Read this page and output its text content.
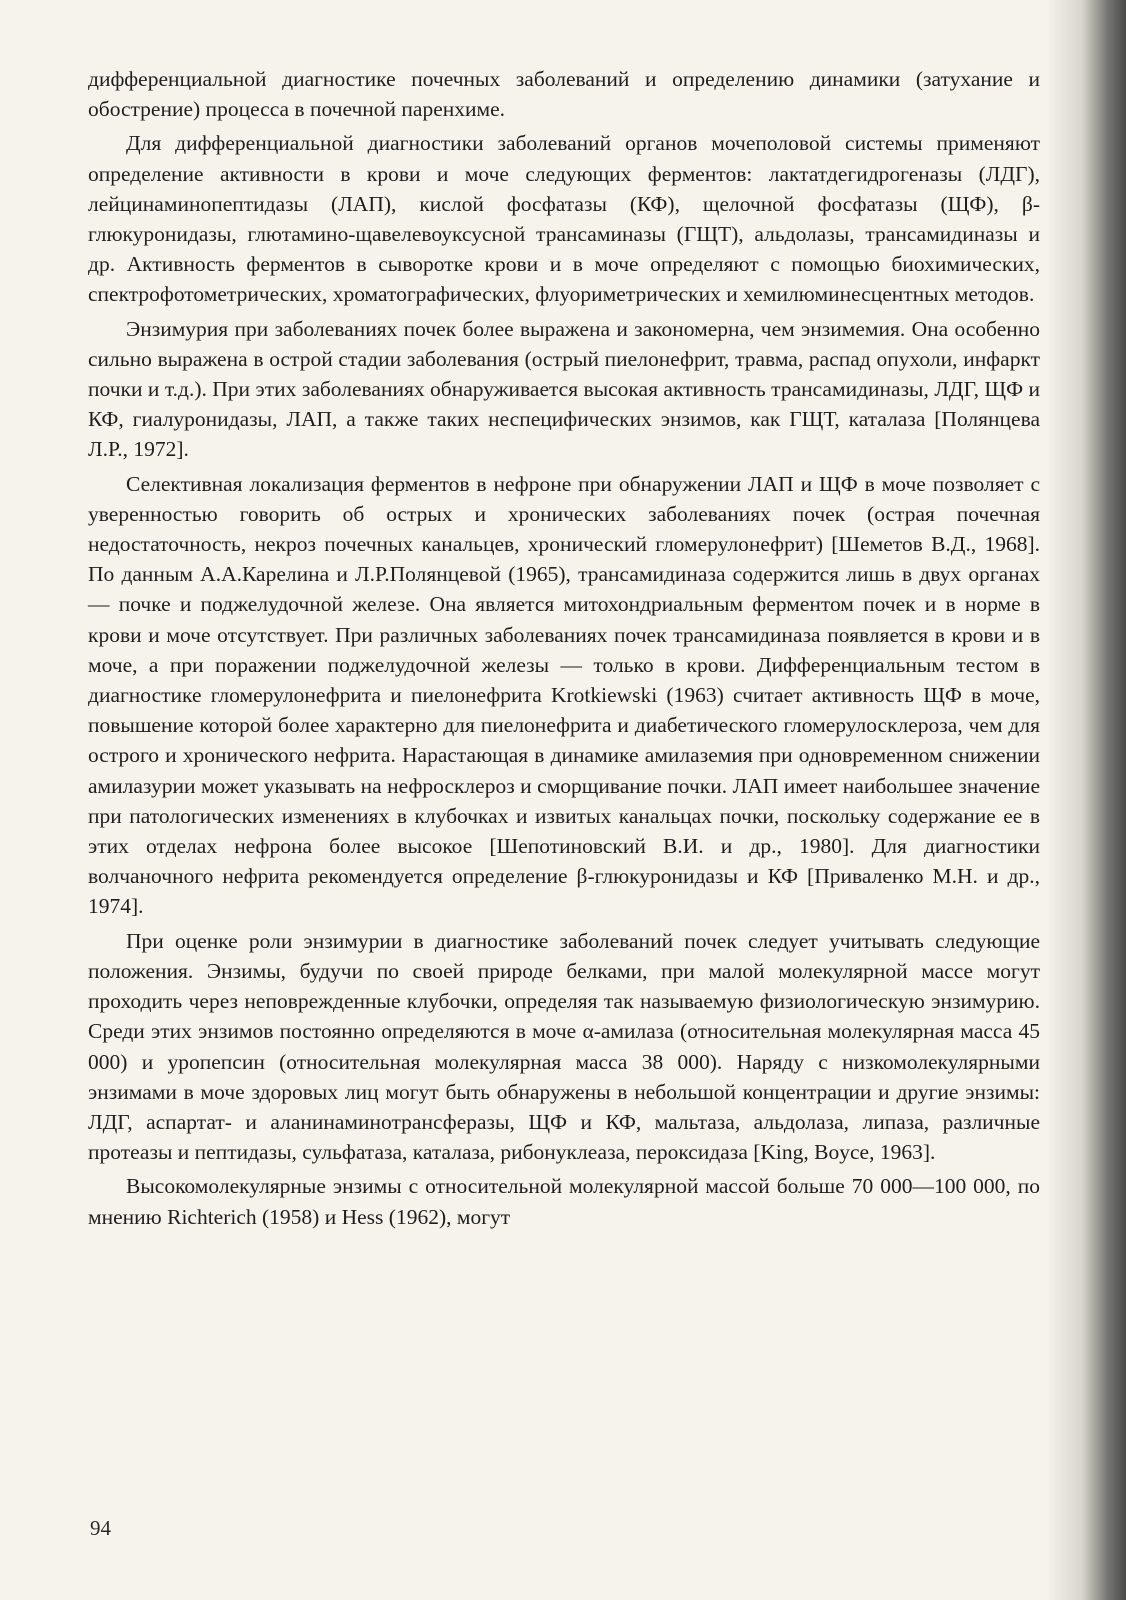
дифференциальной диагностике почечных заболеваний и определению динамики (затухание и обострение) процесса в почечной паренхиме.

Для дифференциальной диагностики заболеваний органов мочеполовой системы применяют определение активности в крови и моче следующих ферментов: лактатдегидрогеназы (ЛДГ), лейцинаминопептидазы (ЛАП), кислой фосфатазы (КФ), щелочной фосфатазы (ЩФ), β-глюкуронидазы, глютамино-щавелевоуксусной трансаминазы (ГЩТ), альдолазы, трансамидиназы и др. Активность ферментов в сыворотке крови и в моче определяют с помощью биохимических, спектрофотометрических, хроматографических, флуориметрических и хемилюминесцентных методов.

Энзимурия при заболеваниях почек более выражена и закономерна, чем энзимемия. Она особенно сильно выражена в острой стадии заболевания (острый пиелонефрит, травма, распад опухоли, инфаркт почки и т.д.). При этих заболеваниях обнаруживается высокая активность трансамидиназы, ЛДГ, ЩФ и КФ, гиалуронидазы, ЛАП, а также таких неспецифических энзимов, как ГЩТ, каталаза [Полянцева Л.Р., 1972].

Селективная локализация ферментов в нефроне при обнаружении ЛАП и ЩФ в моче позволяет с уверенностью говорить об острых и хронических заболеваниях почек (острая почечная недостаточность, некроз почечных канальцев, хронический гломерулонефрит) [Шеметов В.Д., 1968]. По данным А.А.Карелина и Л.Р.Полянцевой (1965), трансамидиназа содержится лишь в двух органах — почке и поджелудочной железе. Она является митохондриальным ферментом почек и в норме в крови и моче отсутствует. При различных заболеваниях почек трансамидиназа появляется в крови и в моче, а при поражении поджелудочной железы — только в крови. Дифференциальным тестом в диагностике гломерулонефрита и пиелонефрита Krotkiewski (1963) считает активность ЩФ в моче, повышение которой более характерно для пиелонефрита и диабетического гломерулосклероза, чем для острого и хронического нефрита. Нарастающая в динамике амилаземия при одновременном снижении амилазурии может указывать на нефросклероз и сморщивание почки. ЛАП имеет наибольшее значение при патологических изменениях в клубочках и извитых канальцах почки, поскольку содержание ее в этих отделах нефрона более высокое [Шепотиновский В.И. и др., 1980]. Для диагностики волчаночного нефрита рекомендуется определение β-глюкуронидазы и КФ [Приваленко М.Н. и др., 1974].

При оценке роли энзимурии в диагностике заболеваний почек следует учитывать следующие положения. Энзимы, будучи по своей природе белками, при малой молекулярной массе могут проходить через неповрежденные клубочки, определяя так называемую физиологическую энзимурию. Среди этих энзимов постоянно определяются в моче α-амилаза (относительная молекулярная масса 45 000) и уропепсин (относительная молекулярная масса 38 000). Наряду с низкомолекулярными энзимами в моче здоровых лиц могут быть обнаружены в небольшой концентрации и другие энзимы: ЛДГ, аспартат- и аланинаминотрансферазы, ЩФ и КФ, мальтаза, альдолаза, липаза, различные протеазы и пептидазы, сульфатаза, каталаза, рибонуклеаза, пероксидаза [King, Boyce, 1963].

Высокомолекулярные энзимы с относительной молекулярной массой больше 70 000—100 000, по мнению Richterich (1958) и Hess (1962), могут

94
